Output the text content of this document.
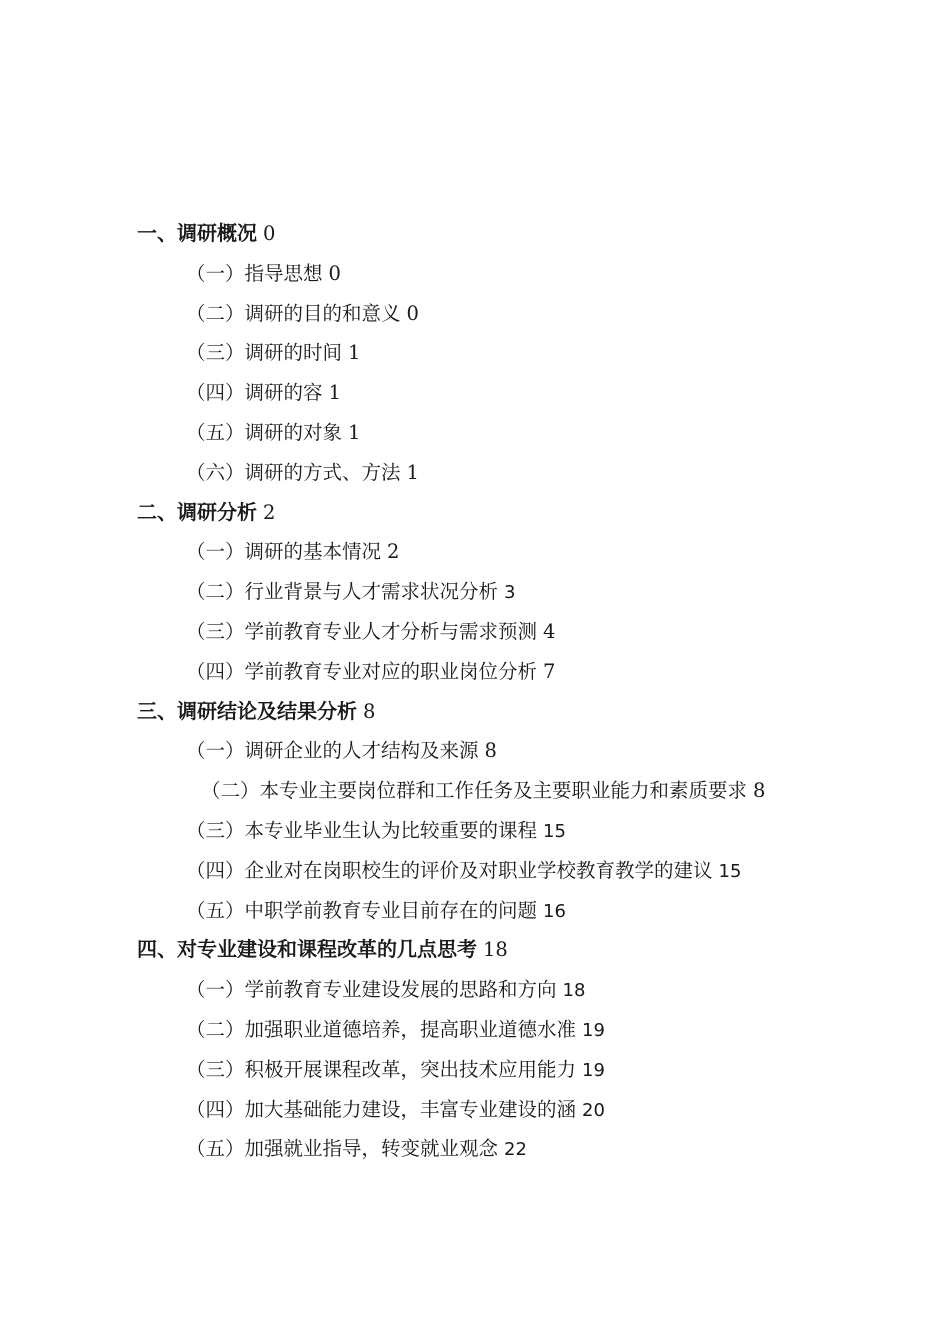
一、调研概况 0
（一）指导思想 0
（二）调研的目的和意义 0
（三）调研的时间 1
（四）调研的容 1
（五）调研的对象 1
（六）调研的方式、方法 1
二、调研分析 2
（一）调研的基本情况 2
（二）行业背景与人才需求状况分析 3
（三）学前教育专业人才分析与需求预测 4
（四）学前教育专业对应的职业岗位分析 7
三、调研结论及结果分析 8
（一）调研企业的人才结构及来源 8
（二）本专业主要岗位群和工作任务及主要职业能力和素质要求 8
（三）本专业毕业生认为比较重要的课程 15
（四）企业对在岗职校生的评价及对职业学校教育教学的建议 15
（五）中职学前教育专业目前存在的问题 16
四、对专业建设和课程改革的几点思考 18
（一）学前教育专业建设发展的思路和方向 18
（二）加强职业道德培养，提高职业道德水准 19
（三）积极开展课程改革，突出技术应用能力 19
（四）加大基础能力建设，丰富专业建设的涵 20
（五）加强就业指导，转变就业观念 22
